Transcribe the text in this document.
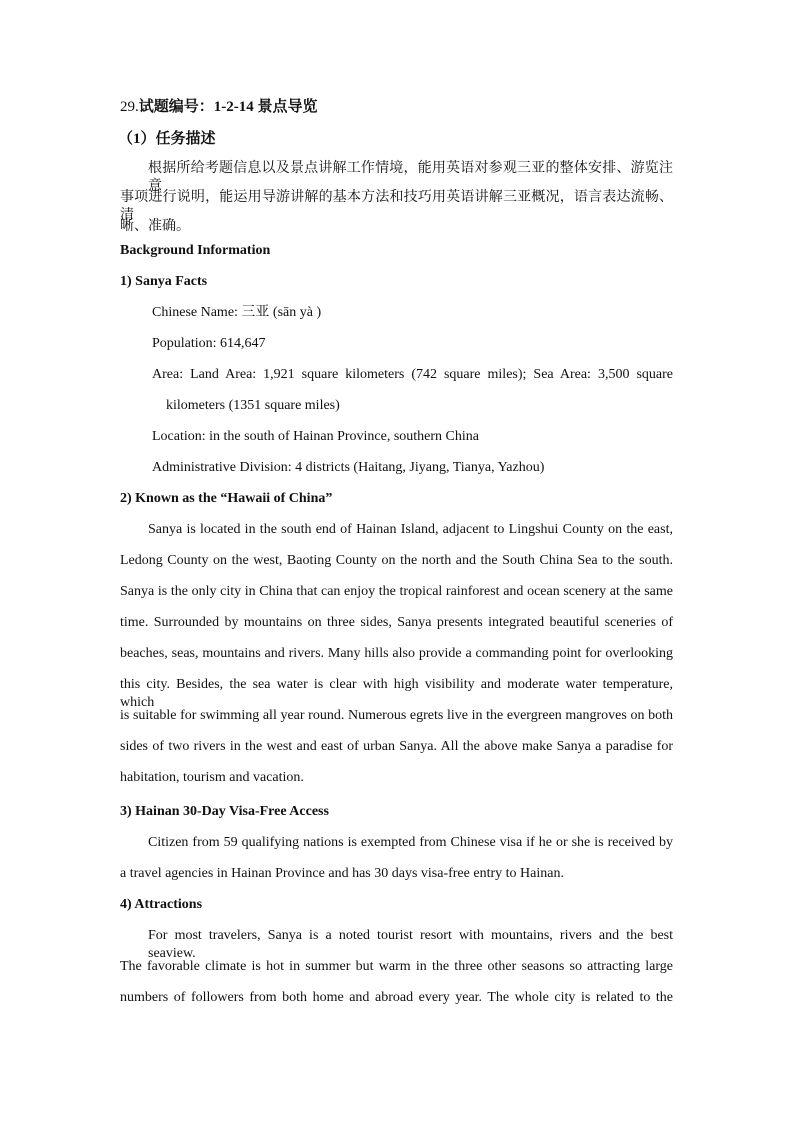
29.试题编号：1-2-14 景点导览

（1）任务描述

根据所给考题信息以及景点讲解工作情境，能用英语对参观三亚的整体安排、游览注意

事项进行说明，能运用导游讲解的基本方法和技巧用英语讲解三亚概况，语言表达流畅、清

晰、准确。

Background Information

1) Sanya Facts

Chinese Name: 三亚 (sān yà )

Population: 614,647

Area: Land Area: 1,921 square kilometers (742 square miles); Sea Area: 3,500 square

kilometers (1351 square miles)

Location: in the south of Hainan Province, southern China

Administrative Division: 4 districts (Haitang, Jiyang, Tianya, Yazhou)

2) Known as the “Hawaii of China”

Sanya is located in the south end of Hainan Island, adjacent to Lingshui County on the east,

Ledong County on the west, Baoting County on the north and the South China Sea to the south.

Sanya is the only city in China that can enjoy the tropical rainforest and ocean scenery at the same

time. Surrounded by mountains on three sides, Sanya presents integrated beautiful sceneries of

beaches, seas, mountains and rivers. Many hills also provide a commanding point for overlooking

this city. Besides, the sea water is clear with high visibility and moderate water temperature, which

is suitable for swimming all year round. Numerous egrets live in the evergreen mangroves on both

sides of two rivers in the west and east of urban Sanya. All the above make Sanya a paradise for

habitation, tourism and vacation.

3) Hainan 30-Day Visa-Free Access

Citizen from 59 qualifying nations is exempted from Chinese visa if he or she is received by

a travel agencies in Hainan Province and has 30 days visa-free entry to Hainan.

4) Attractions

For most travelers, Sanya is a noted tourist resort with mountains, rivers and the best seaview.

The favorable climate is hot in summer but warm in the three other seasons so attracting large

numbers of followers from both home and abroad every year. The whole city is related to the
